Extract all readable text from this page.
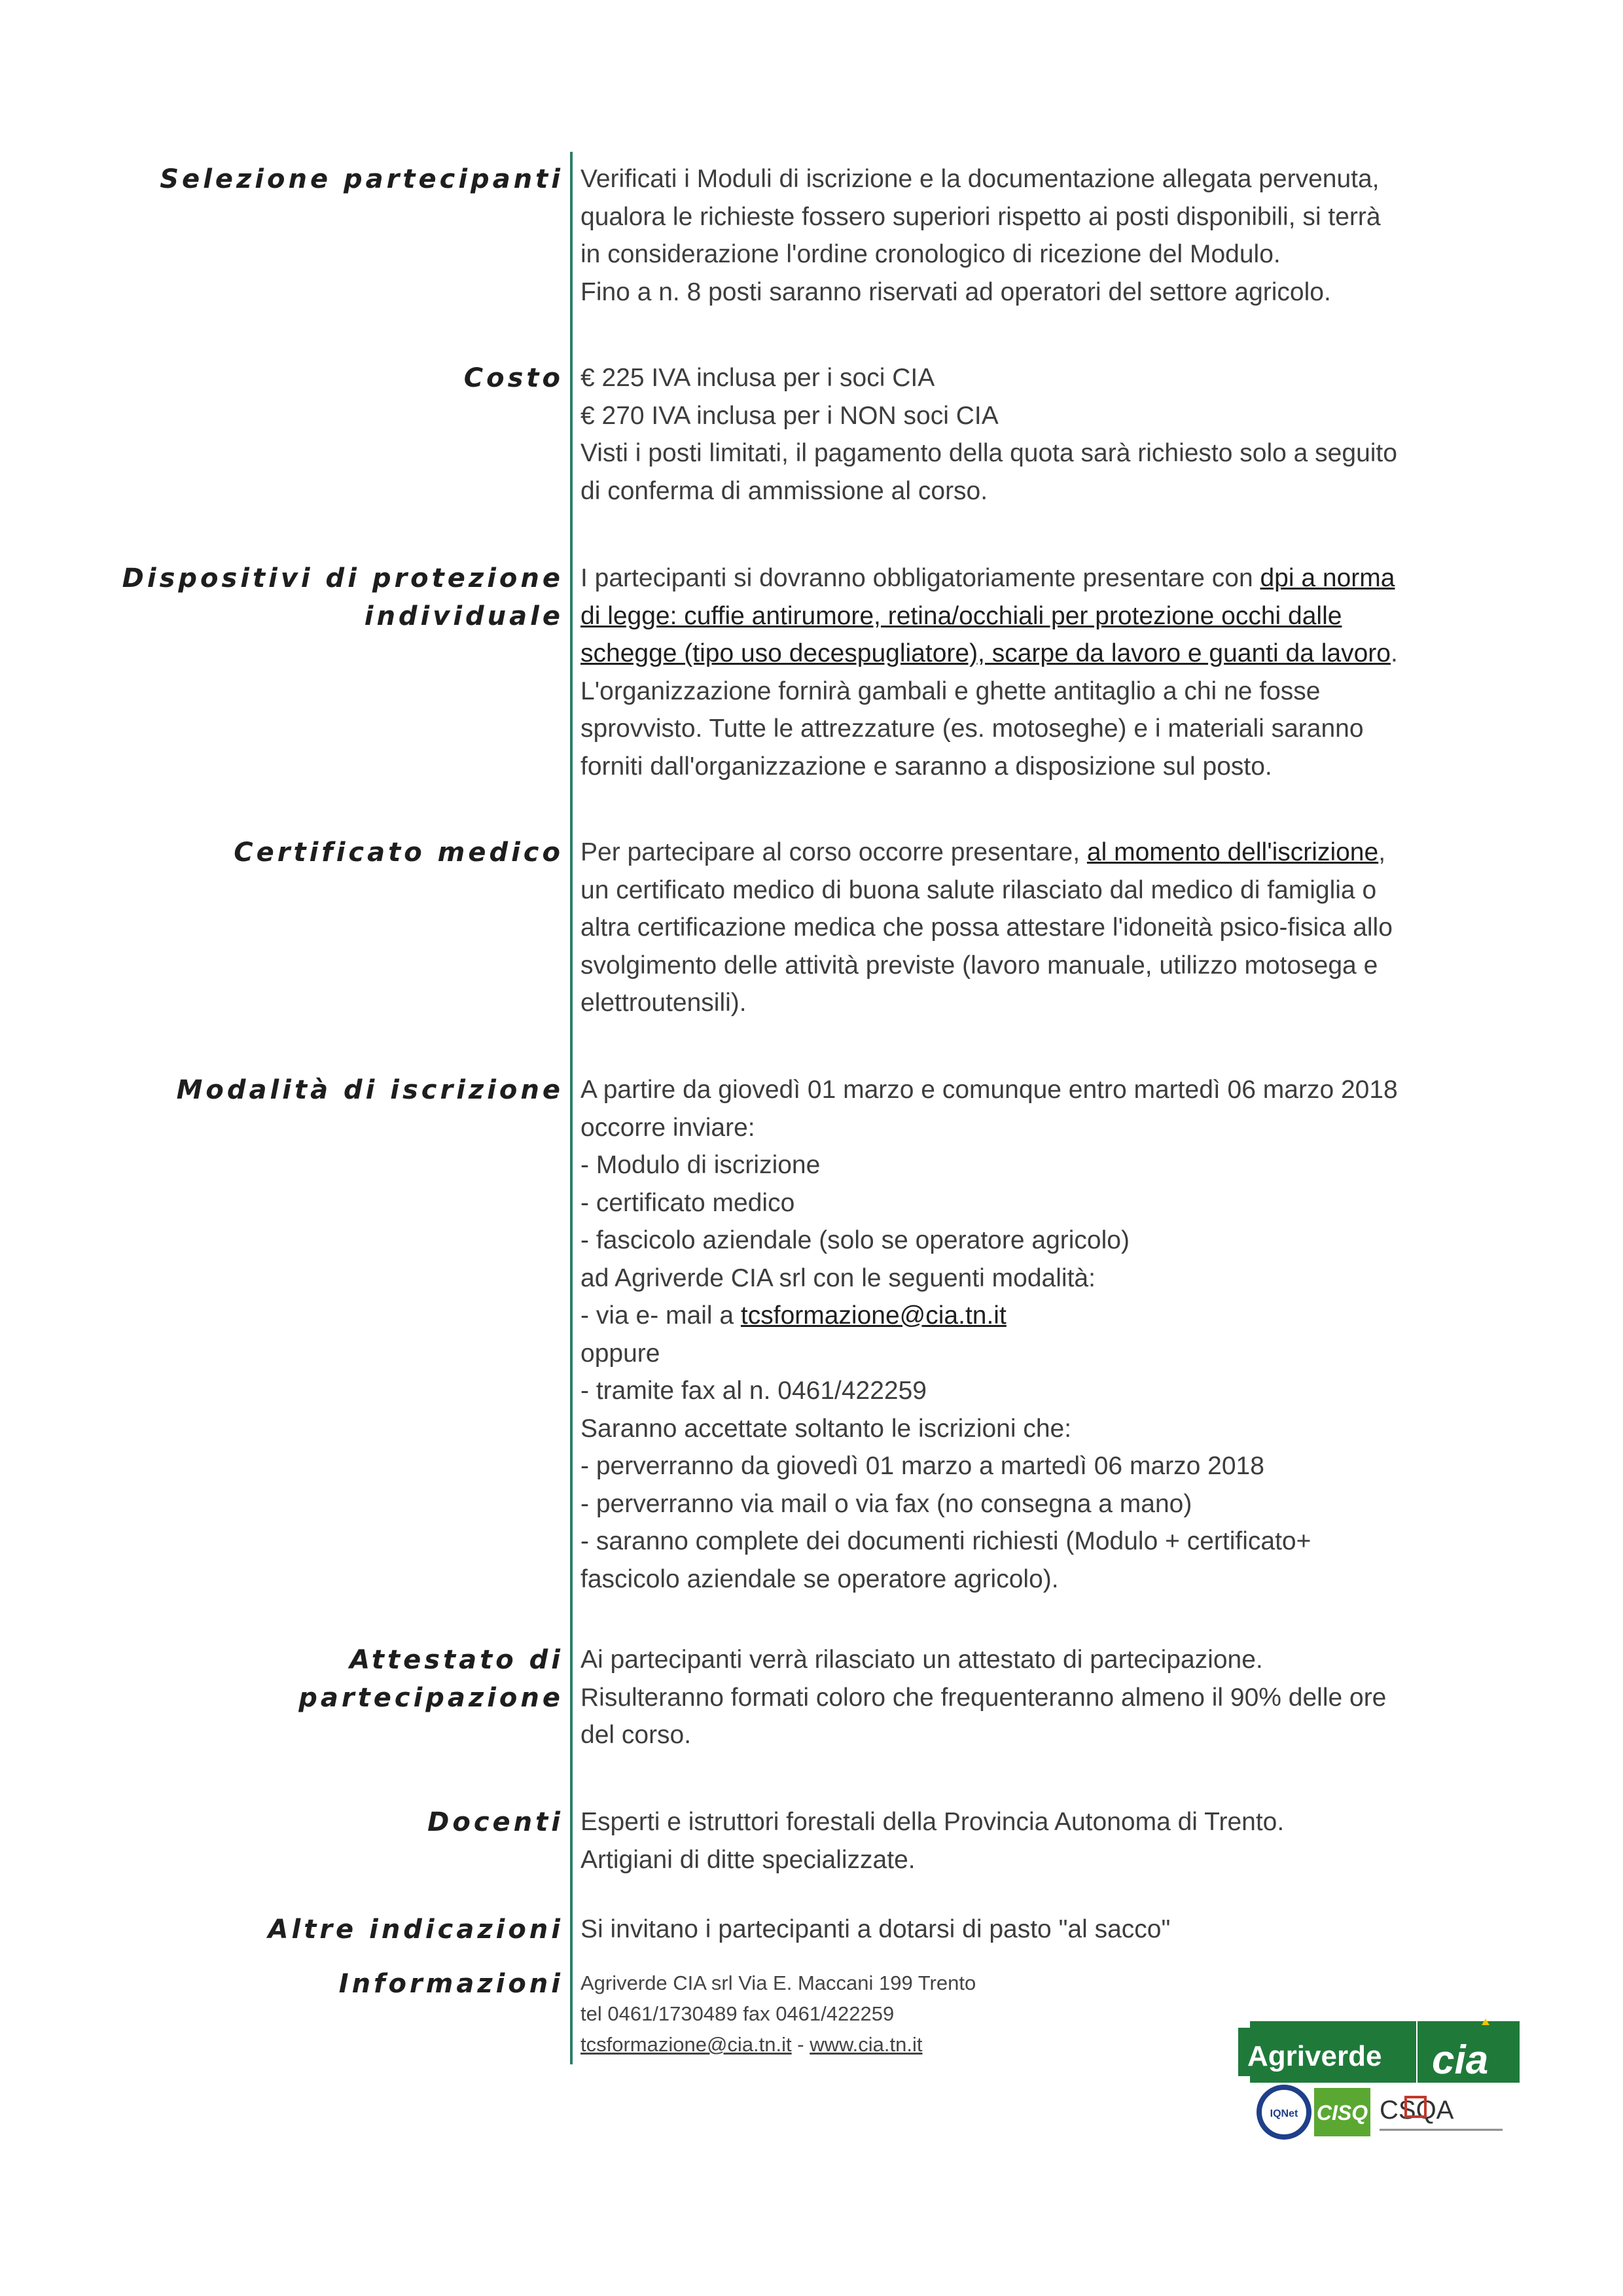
Selezione partecipanti Verificati i Moduli di iscrizione e la documentazione allegata pervenuta,
qualora le richieste fossero superiori rispetto ai posti disponibili, si terrà
in considerazione l'ordine cronologico di ricezione del Modulo.
Fino a n. 8 posti saranno riservati ad operatori del settore agricolo.
Costo € 225 IVA inclusa per i soci CIA
€ 270 IVA inclusa per i NON soci CIA
Visti i posti limitati, il pagamento della quota sarà richiesto solo a seguito
di conferma di ammissione al corso.
Dispositivi di protezione
individuale
I partecipanti si dovranno obbligatoriamente presentare con dpi a norma
di legge: cuffie antirumore, retina/occhiali per protezione occhi dalle
schegge (tipo uso decespugliatore), scarpe da lavoro e guanti da lavoro.
L'organizzazione fornirà gambali e ghette antitaglio a chi ne fosse
sprovvisto. Tutte le attrezzature (es. motoseghe) e i materiali saranno
forniti dall'organizzazione e saranno a disposizione sul posto.
Certificato medico Per partecipare al corso occorre presentare, al momento dell'iscrizione,
un certificato medico di buona salute rilasciato dal medico di famiglia o
altra certificazione medica che possa attestare l'idoneità psico-fisica allo
svolgimento delle attività previste (lavoro manuale, utilizzo motosega e
elettroutensili).
Modalità di iscrizione A partire da giovedì 01 marzo e comunque entro martedì 06 marzo 2018
occorre inviare:
- Modulo di iscrizione
- certificato medico
- fascicolo aziendale (solo se operatore agricolo)
ad Agriverde CIA srl con le seguenti modalità:
- via e- mail a tcsformazione@cia.tn.it
oppure
- tramite fax al n. 0461/422259
Saranno accettate soltanto le iscrizioni che:
- perverranno da giovedì 01 marzo a martedì 06 marzo 2018
- perverranno via mail o via fax (no consegna a mano)
- saranno complete dei documenti richiesti (Modulo + certificato+
fascicolo aziendale se operatore agricolo).
Attestato di
partecipazione
Ai partecipanti verrà rilasciato un attestato di partecipazione.
Risulteranno formati coloro che frequenteranno almeno il 90% delle ore
del corso.
Docenti Esperti e istruttori forestali della Provincia Autonoma di Trento.
Artigiani di ditte specializzate.
Altre indicazioni Si invitano i partecipanti a dotarsi di pasto "al sacco"
Informazioni Agriverde CIA srl Via E. Maccani 199 Trento
tel 0461/1730489 fax 0461/422259
tcsformazione@cia.tn.it - www.cia.tn.it	Agriverde cia
IQNet CISQ CSQA
